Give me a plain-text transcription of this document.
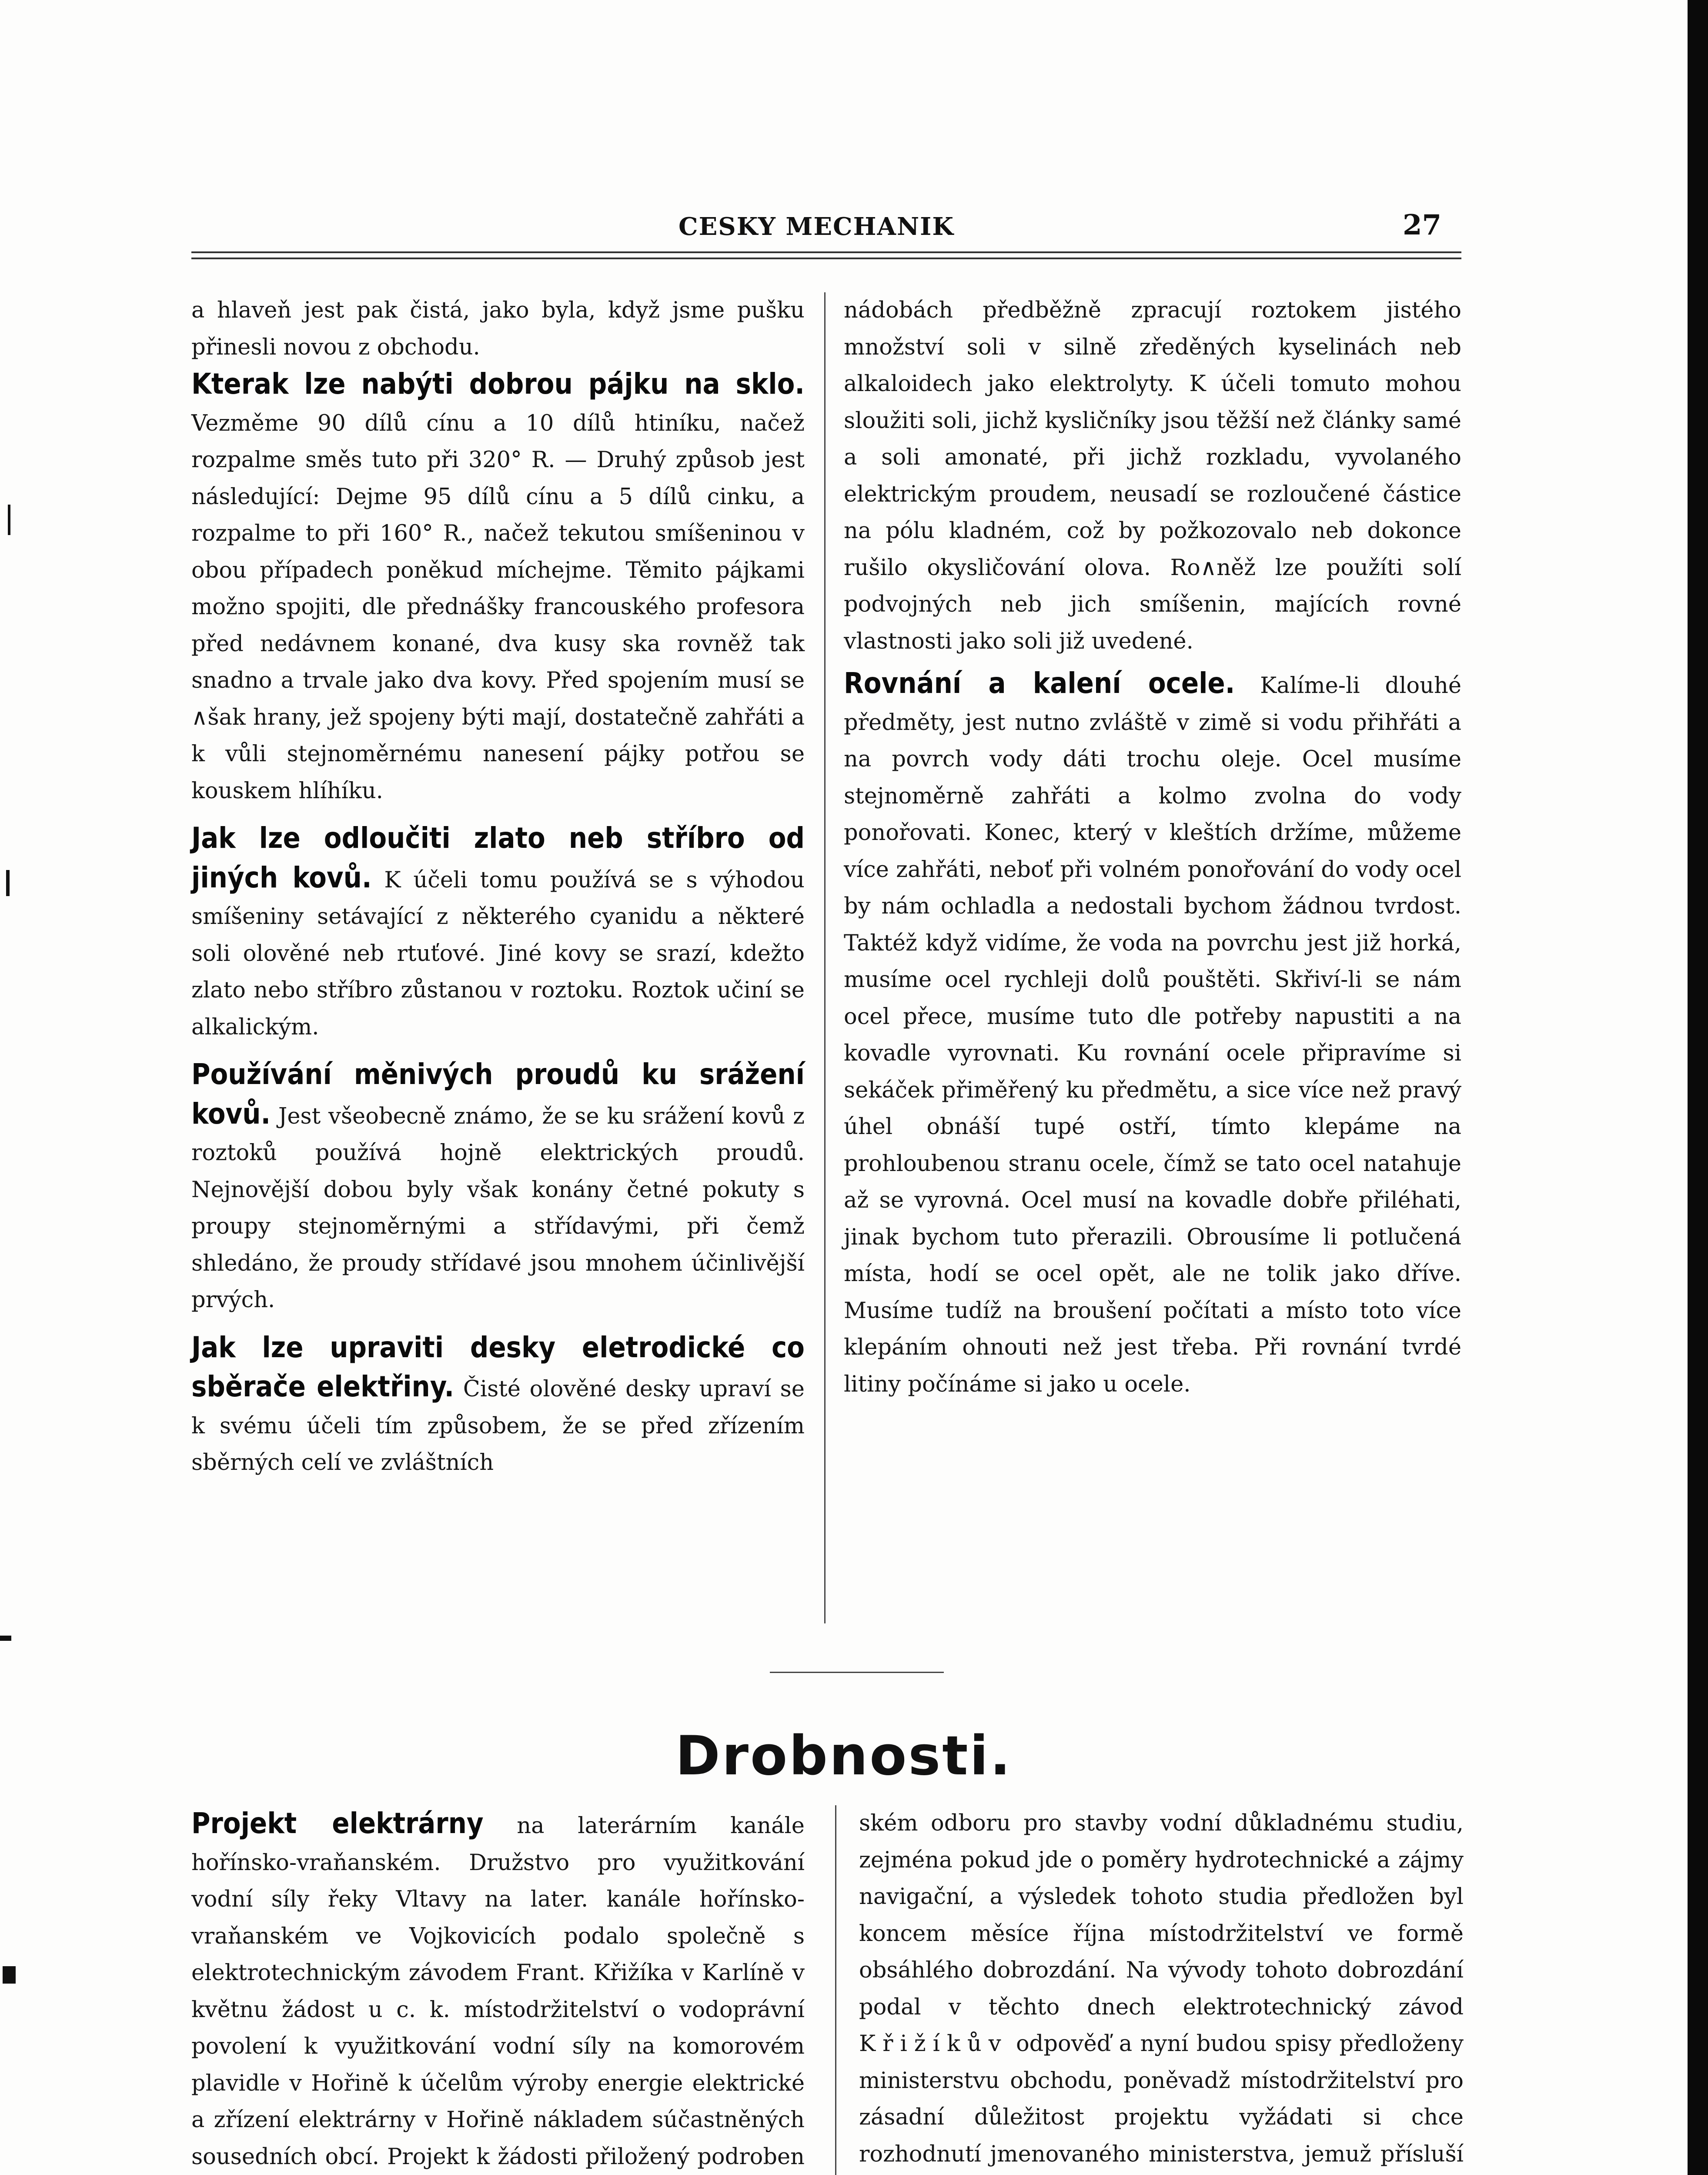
CESKY MECHANIK	27

a hlaveň jest pak čistá, jako byla, když jsme pušku přinesli novou z obchodu.

Kterak lze nabýti dobrou pájku na sklo. Vezměme 90 dílů cínu a 10 dílů htiníku, načež rozpalme směs tuto při 320° R. — Druhý způsob jest následující: Dejme 95 dílů cínu a 5 dílů cinku, a rozpalme to při 160° R., načež tekutou smíšeninou v obou případech poněkud míchejme. Těmito pájkami možno spojiti, dle přednášky francouského profesora před nedávnem konané, dva kusy ska rovněž tak snadno a trvale jako dva kovy. Před spojením musí se ∧šak hrany, jež spojeny býti mají, dostatečně zahřáti a k vůli stejnoměrnému nanesení pájky potřou se kouskem hlíhíku.

Jak lze odloučiti zlato neb stříbro od jiných kovů. K účeli tomu používá se s výhodou smíšeniny setávající z některého cyanidu a některé soli olověné neb rtuťové. Jiné kovy se srazí, kdežto zlato nebo stříbro zůstanou v roztoku. Roztok učiní se alkalickým.

Používání měnivých proudů ku srážení kovů. Jest všeobecně známo, že se ku srážení kovů z roztoků používá hojně elektrických proudů. Nejnovější dobou byly však konány četné pokuty s proupy stejnoměrnými a střídavými, při čemž shledáno, že proudy střídavé jsou mnohem účinlivější prvých.

Jak lze upraviti desky eletrodické co sběrače elektřiny. Čisté olověné desky upraví se k svému účeli tím způsobem, že se před zřízením sběrných celí ve zvláštních

nádobách předběžně zpracují roztokem jistého množství soli v silně zředěných kyselinách neb alkaloidech jako elektrolyty. K účeli tomuto mohou sloužiti soli, jichž kysličníky jsou těžší než články samé a soli amonaté, při jichž rozkladu, vyvolaného elektrickým proudem, neusadí se rozloučené částice na pólu kladném, což by požkozovalo neb dokonce rušilo okysličování olova. Ro∧něž lze použíti solí podvojných neb jich smíšenin, majících rovné vlastnosti jako soli již uvedené.

Rovnání a kalení ocele. Kalíme-li dlouhé předměty, jest nutno zvláště v zimě si vodu přihřáti a na povrch vody dáti trochu oleje. Ocel musíme stejnoměrně zahřáti a kolmo zvolna do vody ponořovati. Konec, který v kleštích držíme, můžeme více zahřáti, neboť při volném ponořování do vody ocel by nám ochladla a nedostali bychom žádnou tvrdost. Taktéž když vidíme, že voda na povrchu jest již horká, musíme ocel rychleji dolů pouštěti. Skřiví-li se nám ocel přece, musíme tuto dle potřeby napustiti a na kovadle vyrovnati. Ku rovnání ocele připravíme si sekáček přiměřený ku předmětu, a sice více než pravý úhel obnáší tupé ostří, tímto klepáme na prohloubenou stranu ocele, čímž se tato ocel natahuje až se vyrovná. Ocel musí na kovadle dobře přiléhati, jinak bychom tuto přerazili. Obrousíme li potlučená místa, hodí se ocel opět, ale ne tolik jako dříve. Musíme tudíž na broušení počítati a místo toto více klepáním ohnouti než jest třeba. Při rovnání tvrdé litiny počínáme si jako u ocele.

Drobnosti.

Projekt elektrárny na laterárním kanále hořínsko-vraňanském. Družstvo pro využitkování vodní síly řeky Vltavy na later. kanále hořínsko-vraňanském ve Vojkovicích podalo společně s elektrotechnickým závodem Frant. Křižíka v Karlíně v květnu žádost u c. k. místodržitelství o vodoprávní povolení k využitkování vodní síly na komorovém plavidle v Hořině k účelům výroby energie elektrické a zřízení elektrárny v Hořině nákladem súčastněných sousedních obcí. Projekt k žádosti přiložený podroben

ském odboru pro stavby vodní důkladnému studiu, zejména pokud jde o poměry hydrotechnické a zájmy navigační, a výsledek tohoto studia předložen byl koncem měsíce října místodržitelství ve formě obsáhlého dobrozdání. Na vývody tohoto dobrozdání podal v těchto dnech elektrotechnický závod Křižíkův odpověď a nyní budou spisy předloženy ministerstvu obchodu, poněvadž místodržitelství pro zásadní důležitost projektu vyžádati si chce rozhodnutí jmenovaného ministerstva, jemuž přísluší
